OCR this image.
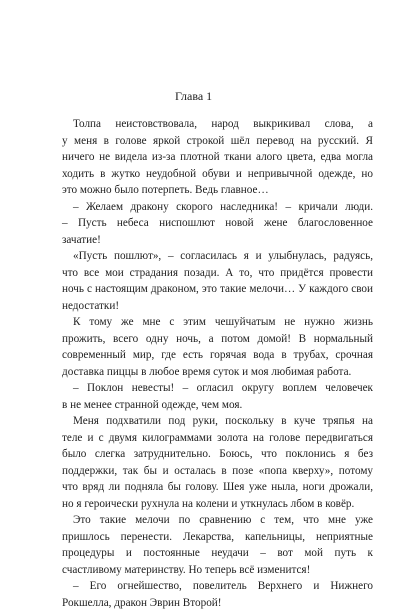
Глава 1
Толпа неистовствовала, народ выкрикивал слова, а
у меня в голове яркой строкой шёл перевод на русский. Я
ничего не видела из-за плотной ткани алого цвета, едва могла
ходить в жутко неудобной обуви и непривычной одежде, но
это можно было потерпеть. Ведь главное…
– Желаем дракону скорого наследника! – кричали люди.
– Пусть небеса ниспошлют новой жене благословенное
зачатие!
«Пусть пошлют», – согласилась я и улыбнулась, радуясь,
что все мои страдания позади. А то, что придётся провести
ночь с настоящим драконом, это такие мелочи… У каждого свои
недостатки!
К тому же мне с этим чешуйчатым не нужно жизнь
прожить, всего одну ночь, а потом домой! В нормальный
современный мир, где есть горячая вода в трубах, срочная
доставка пиццы в любое время суток и моя любимая работа.
– Поклон невесты! – огласил округу воплем человечек
в не менее странной одежде, чем моя.
Меня подхватили под руки, поскольку в куче тряпья на
теле и с двумя килограммами золота на голове передвигаться
было слегка затруднительно. Боюсь, что поклонись я без
поддержки, так бы и осталась в позе «попа кверху», потому
что вряд ли подняла бы голову. Шея уже ныла, ноги дрожали,
но я героически рухнула на колени и уткнулась лбом в ковёр.
Это такие мелочи по сравнению с тем, что мне уже
пришлось перенести. Лекарства, капельницы, неприятные
процедуры и постоянные неудачи – вот мой путь к
счастливому материнству. Но теперь всё изменится!
– Его огнейшество, повелитель Верхнего и Нижнего
Рокшелла, дракон Эврин Второй!
